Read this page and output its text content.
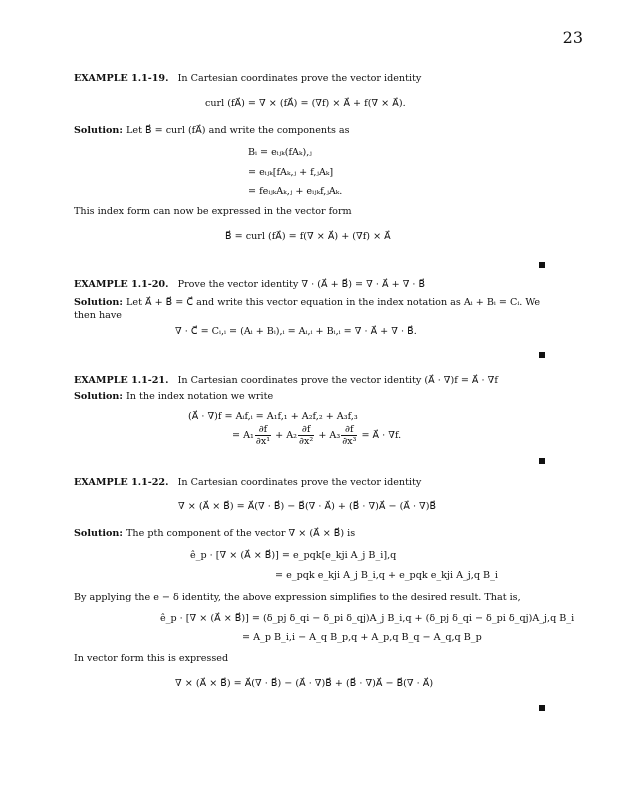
23
EXAMPLE 1.1-19. In Cartesian coordinates prove the vector identity
curl (fA⃗) = ∇ × (fA⃗) = (∇f) × A⃗ + f(∇ × A⃗).
Solution: Let B⃗ = curl (fA⃗) and write the components as
Bᵢ = eᵢⱼₖ(fAₖ),ⱼ
= eᵢⱼₖ[fAₖ,ⱼ + f,ⱼAₖ]
= feᵢⱼₖAₖ,ⱼ + eᵢⱼₖf,ⱼAₖ.
This index form can now be expressed in the vector form
B⃗ = curl (fA⃗) = f(∇ × A⃗) + (∇f) × A⃗
EXAMPLE 1.1-20. Prove the vector identity ∇ · (A⃗ + B⃗) = ∇ · A⃗ + ∇ · B⃗
Solution: Let A⃗ + B⃗ = C⃗ and write this vector equation in the index notation as Aᵢ + Bᵢ = Cᵢ. We then have
∇ · C⃗ = Cᵢ,ᵢ = (Aᵢ + Bᵢ),ᵢ = Aᵢ,ᵢ + Bᵢ,ᵢ = ∇ · A⃗ + ∇ · B⃗.
EXAMPLE 1.1-21. In Cartesian coordinates prove the vector identity (A⃗ · ∇)f = A⃗ · ∇f
Solution: In the index notation we write
(A⃗ · ∇)f = Aᵢf,ᵢ = A₁f,₁ + A₂f,₂ + A₃f,₃
= $A_1 \frac{\partial f}{\text{∂x¹}} + A_2 \frac{\partial f}{\text{∂x²}} + A_3 \frac{\partial f}{\text{∂x³}}$ = A⃗ · ∇f.
EXAMPLE 1.1-22. In Cartesian coordinates prove the vector identity
∇ × (A⃗ × B⃗) = A⃗(∇ · B⃗) − B⃗(∇ · A⃗) + (B⃗ · ∇)A⃗ − (A⃗ · ∇)B⃗
Solution: The pth component of the vector ∇ × (A⃗ × B⃗) is
ê_p · [∇ × (A⃗ × B⃗)] = e_pqk[e_kji A_j B_i],q
= e_pqk e_kji A_j B_i,q + e_pqk e_kji A_j,q B_i
By applying the e − δ identity, the above expression simplifies to the desired result. That is,
ê_p · [∇ × (A⃗ × B⃗)] = (δ_pj δ_qi − δ_pi δ_qj)A_j B_i,q + (δ_pj δ_qi − δ_pi δ_qj)A_j,q B_i
= A_p B_i,i − A_q B_p,q + A_p,q B_q − A_q,q B_p
In vector form this is expressed
∇ × (A⃗ × B⃗) = A⃗(∇ · B⃗) − (A⃗ · ∇)B⃗ + (B⃗ · ∇)A⃗ − B⃗(∇ · A⃗)
